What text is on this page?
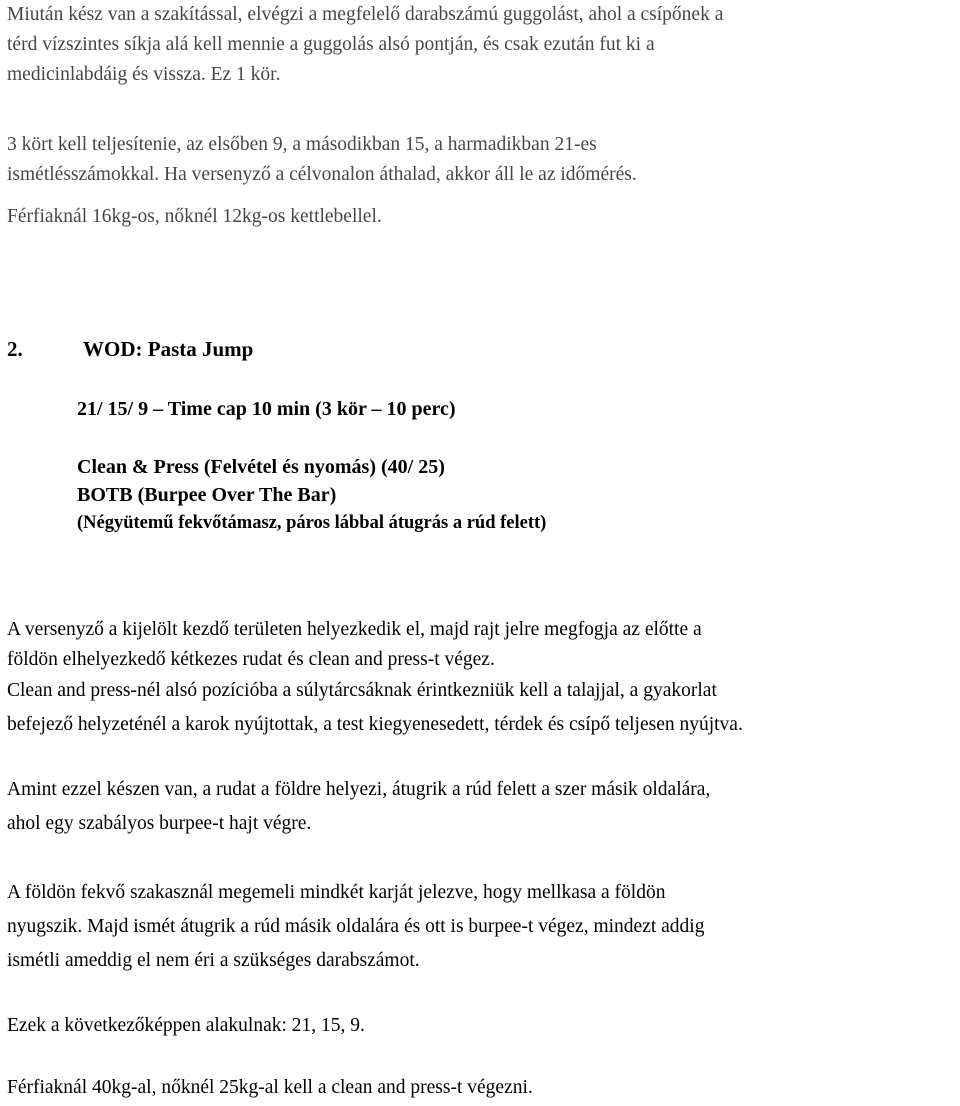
Miután kész van a szakítással, elvégzi a megfelelő darabszámú guggolást, ahol a csípőnek a
térd vízszintes síkja alá kell mennie a guggolás alsó pontján, és csak ezután fut ki a
medicinlabdáig és vissza. Ez 1 kör.

3 kört kell teljesítenie, az elsőben 9, a másodikban 15, a harmadikban 21-es
ismétlésszámokkal. Ha versenyző a célvonalon áthalad, akkor áll le az időmérés.

Férfiaknál 16kg-os, nőknél 12kg-os kettlebellel.

2.	WOD: Pasta Jump
21/ 15/ 9 – Time cap 10 min (3 kör – 10 perc)
Clean & Press (Felvétel és nyomás) (40/ 25)
BOTB (Burpee Over The Bar)
(Négyütemű fekvőtámasz, páros lábbal átugrás a rúd felett)

A versenyző a kijelölt kezdő területen helyezkedik el, majd rajt jelre megfogja az előtte a
földön elhelyezkedő kétkezes rudat és clean and press-t végez.
Clean and press-nél alsó pozícióba a súlytárcsáknak érintkezniük kell a talajjal, a gyakorlat
befejező helyzeténél a karok nyújtottak, a test kiegyenesedett, térdek és csípő teljesen nyújtva.

Amint ezzel készen van, a rudat a földre helyezi, átugrik a rúd felett a szer másik oldalára,
ahol egy szabályos burpee-t hajt végre.

A földön fekvő szakasznál megemeli mindkét karját jelezve, hogy mellkasa a földön
nyugszik. Majd ismét átugrik a rúd másik oldalára és ott is burpee-t végez, mindezt addig
ismétli ameddig el nem éri a szükséges darabszámot.

Ezek a következőképpen alakulnak: 21, 15, 9.

Férfiaknál 40kg-al, nőknél 25kg-al kell a clean and press-t végezni.
